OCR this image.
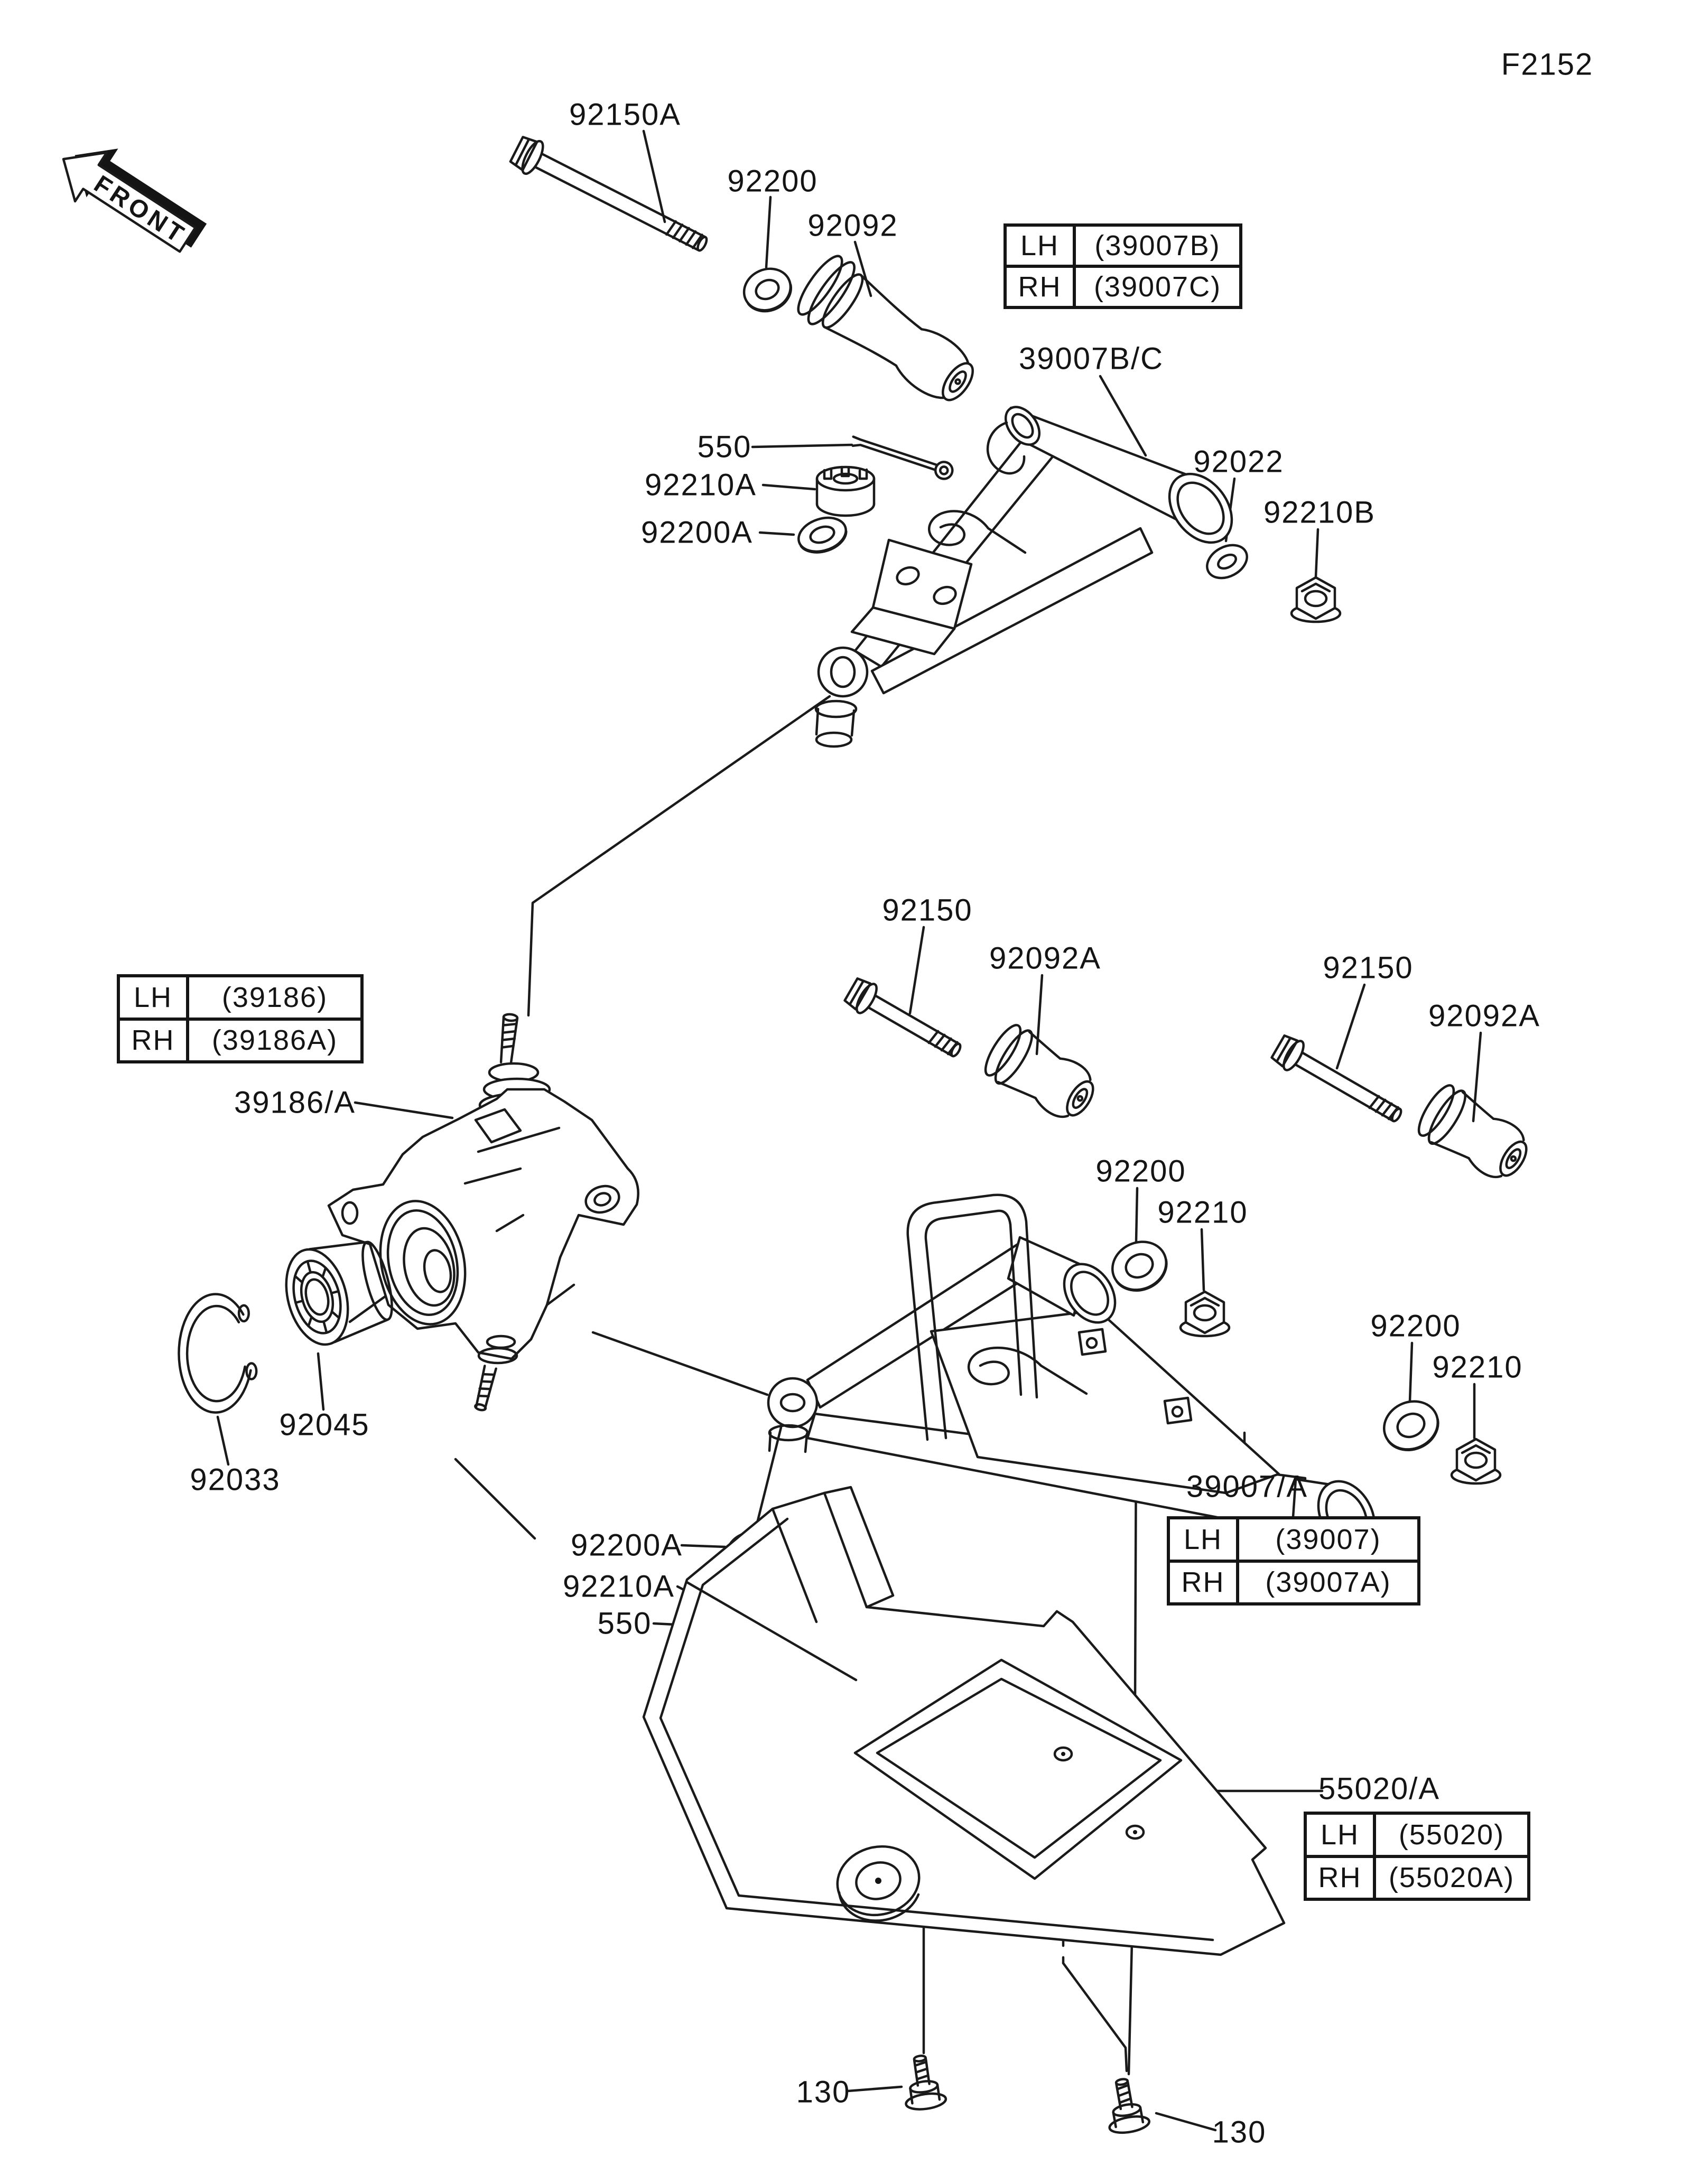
FRONT
F2152
92150A
92200
92092
39007B/C
550
92210A
92200A
92022
92210B
39186/A
92150
92092A	92150
92092A
92200
92210
92200
92210
92045
92033
92200A
92210A
550
39007/A
55020/A
130
130
LH	(39007B)
RH	(39007C)
LH	(39186)
RH	(39186A)
LH	(39007)
RH	(39007A)
LH	(55020)
RH (55020A)
